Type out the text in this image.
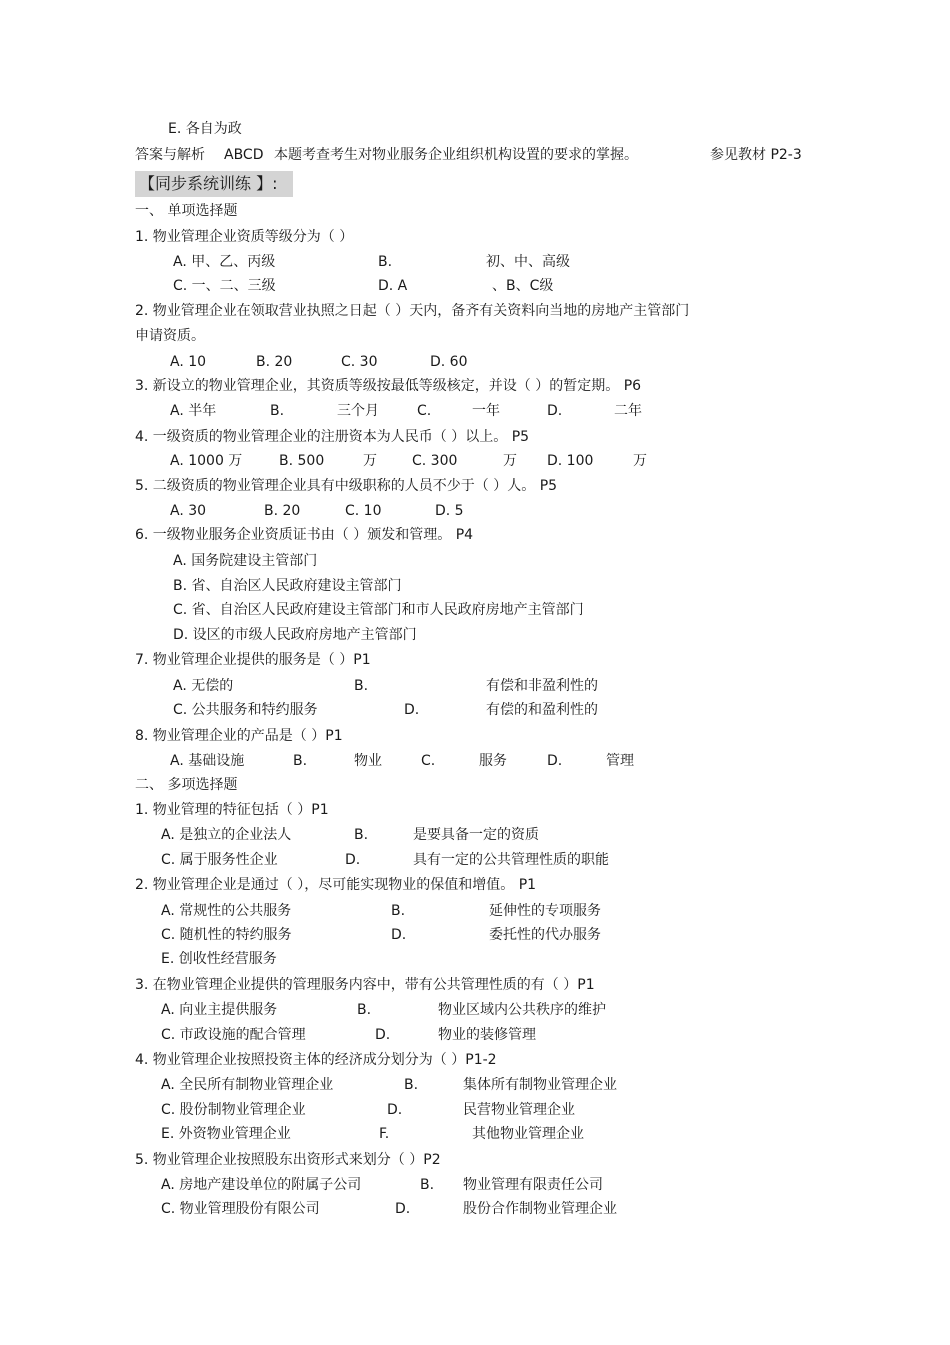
E. 各自为政
答案与解析 ABCD 本题考查考生对物业服务企业组织机构设置的要求的掌握。	参见教材 P2-3
【同步系统训练 】:
一、 单项选择题
1. 物业管理企业资质等级分为（ ）
A. 甲、乙、丙级	B.	初、中、高级
C. 一、二、三级	D. A	、B、C级
2. 物业管理企业在领取营业执照之日起（ ）天内，备齐有关资料向当地的房地产主管部门
申请资质。
A. 10	B. 20	C. 30	D. 60
3. 新设立的物业管理企业，其资质等级按最低等级核定，并设（ ）的暂定期。 P6
A. 半年	B.	三个月	C.	一年	D.	二年
4. 一级资质的物业管理企业的注册资本为人民币（ ）以上。 P5
A. 1000 万	B. 500	万	C. 300	万 D. 100	万
5. 二级资质的物业管理企业具有中级职称的人员不少于（ ）人。 P5
A. 30	B. 20	C. 10	D. 5
6. 一级物业服务企业资质证书由（ ）颁发和管理。 P4
A. 国务院建设主管部门
B. 省、自治区人民政府建设主管部门
C. 省、自治区人民政府建设主管部门和市人民政府房地产主管部门
D. 设区的市级人民政府房地产主管部门
7. 物业管理企业提供的服务是（ ）P1
A. 无偿的	B.	有偿和非盈利性的
C. 公共服务和特约服务	D.	有偿的和盈利性的
8. 物业管理企业的产品是（ ）P1
A. 基础设施	B.	物业	C.	服务	D.	管理
二、 多项选择题
1. 物业管理的特征包括（ ）P1
A. 是独立的企业法人	B.	是要具备一定的资质
C. 属于服务性企业	D.	具有一定的公共管理性质的职能
2. 物业管理企业是通过（ ），尽可能实现物业的保值和增值。 P1
A. 常规性的公共服务	B.	延伸性的专项服务
C. 随机性的特约服务	D.	委托性的代办服务
E. 创收性经营服务
3. 在物业管理企业提供的管理服务内容中，带有公共管理性质的有（ ）P1
A. 向业主提供服务	B.	物业区域内公共秩序的维护
C. 市政设施的配合管理	D.	物业的装修管理
4. 物业管理企业按照投资主体的经济成分划分为（ ）P1-2
A. 全民所有制物业管理企业	B.	集体所有制物业管理企业
C. 股份制物业管理企业	D.	民营物业管理企业
E. 外资物业管理企业	F.	其他物业管理企业
5. 物业管理企业按照股东出资形式来划分（ ）P2
A. 房地产建设单位的附属子公司	B. 物业管理有限责任公司
C. 物业管理股份有限公司	D.	股份合作制物业管理企业
